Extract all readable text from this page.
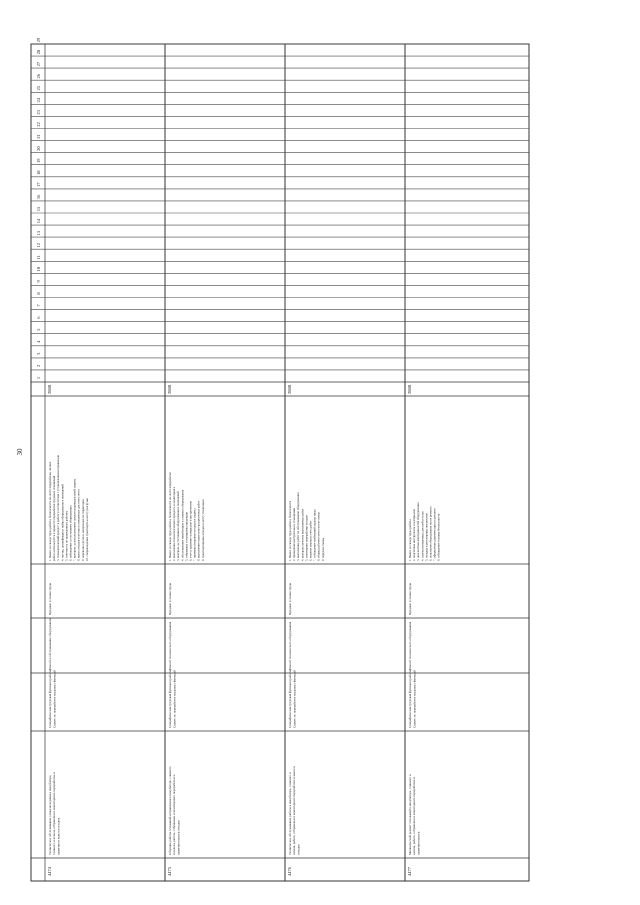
30
4474
Техническое обслуживание слива молодняка в инкубаторе, сливного и шлюза, отбраковки и мониторинге переработки и хранения и выноса отходов
Специфическая трудовая функция (работы) Сервис по переработке трудовых функций
Ремонт и обслуживание оборудования
Вредные условия труда
2880
1. Вывоз из склада труда работы, безопасности на месте переработки, личное работа используется в процессе переработки трудовых отношений 3. технологический процесс в работе в соответствии с установленными правилами 4. чистка, дезинфекция и мойка оборудования и помещений 5. отчетность по проведенным работам 6. наблюдение за состоянием оборудования 7. контроль за использованием средств индивидуальной защиты 8. вывоз отходов и мусора в отведенные для этого места 9. перевозка грузов и материалов по территории 10. сопровождение транспорта к месту разгрузки
4475
Сборщик работы оснований исправления в инкубаторе, сливного и шлюза, работе, отбраковки и мониторинге переработки и хранения выноса отходов
Специфическая трудовая функция (работы) Сервис по переработке трудовых функций
Ремонт технического оборудования
Вредные условия труда
2880
1. Вывоз из склада труда работы, безопасности на месте переработки 2. выполнение технологического процесса и мониторинга 3. контроль за состоянием оборудования и помещений 4. обслуживание инкубаторов и сливного оборудования 5. отбраковка и сортировка продукции 6. учет и хранение материалов и инструментов 7. проверка исправности средств защиты 8. выполнение погрузочно-разгрузочных работ 9. транспортировка отходов к месту утилизации
4476
Техническое обслуживание работы в инкубаторе, сливного и шлюза, работе, отбраковки и мониторинге переработки и выноса отходов
Специфическая трудовая функция (работы) Сервис по переработке трудовых функций
Ремонт технического оборудования
Вредные условия труда
2880
1. Вывоз из склада труда работы, безопасности 2. проведение инструктажа и стажировки 3. выполнение работ по обслуживанию оборудования 4. контроль качества выполняемых работ 5. мониторинг переработки отходов 6. ведение журнала учета работ 7. соблюдение требований охраны труда 8. уборка рабочего места после смены 9. передача смены
4477
Механический ремонт оснований в инкубаторе, сливного и шлюза, работе, отбраковки и мониторинге переработки и хранения выноса
Специфическая трудовая функция (работы) Сервис по переработке трудовых функций
Ремонт технического оборудования
Вредные условия труда
2880
1. Вывоз из склада труда работы 2. подготовка инструмента и материалов 3. диагностика неисправностей оборудования 4. замена изношенных деталей и узлов 5. наладка и регулировка механизмов 6. испытание оборудования после ремонта 7. оформление документации по ремонту 8. соблюдение техники безопасности
.	.	.
1
2
3
4
5
6
7
8
9
10
11
12
13
14
15
16
17
18
19
20
21
22
23
24
25
26
27
28
29
